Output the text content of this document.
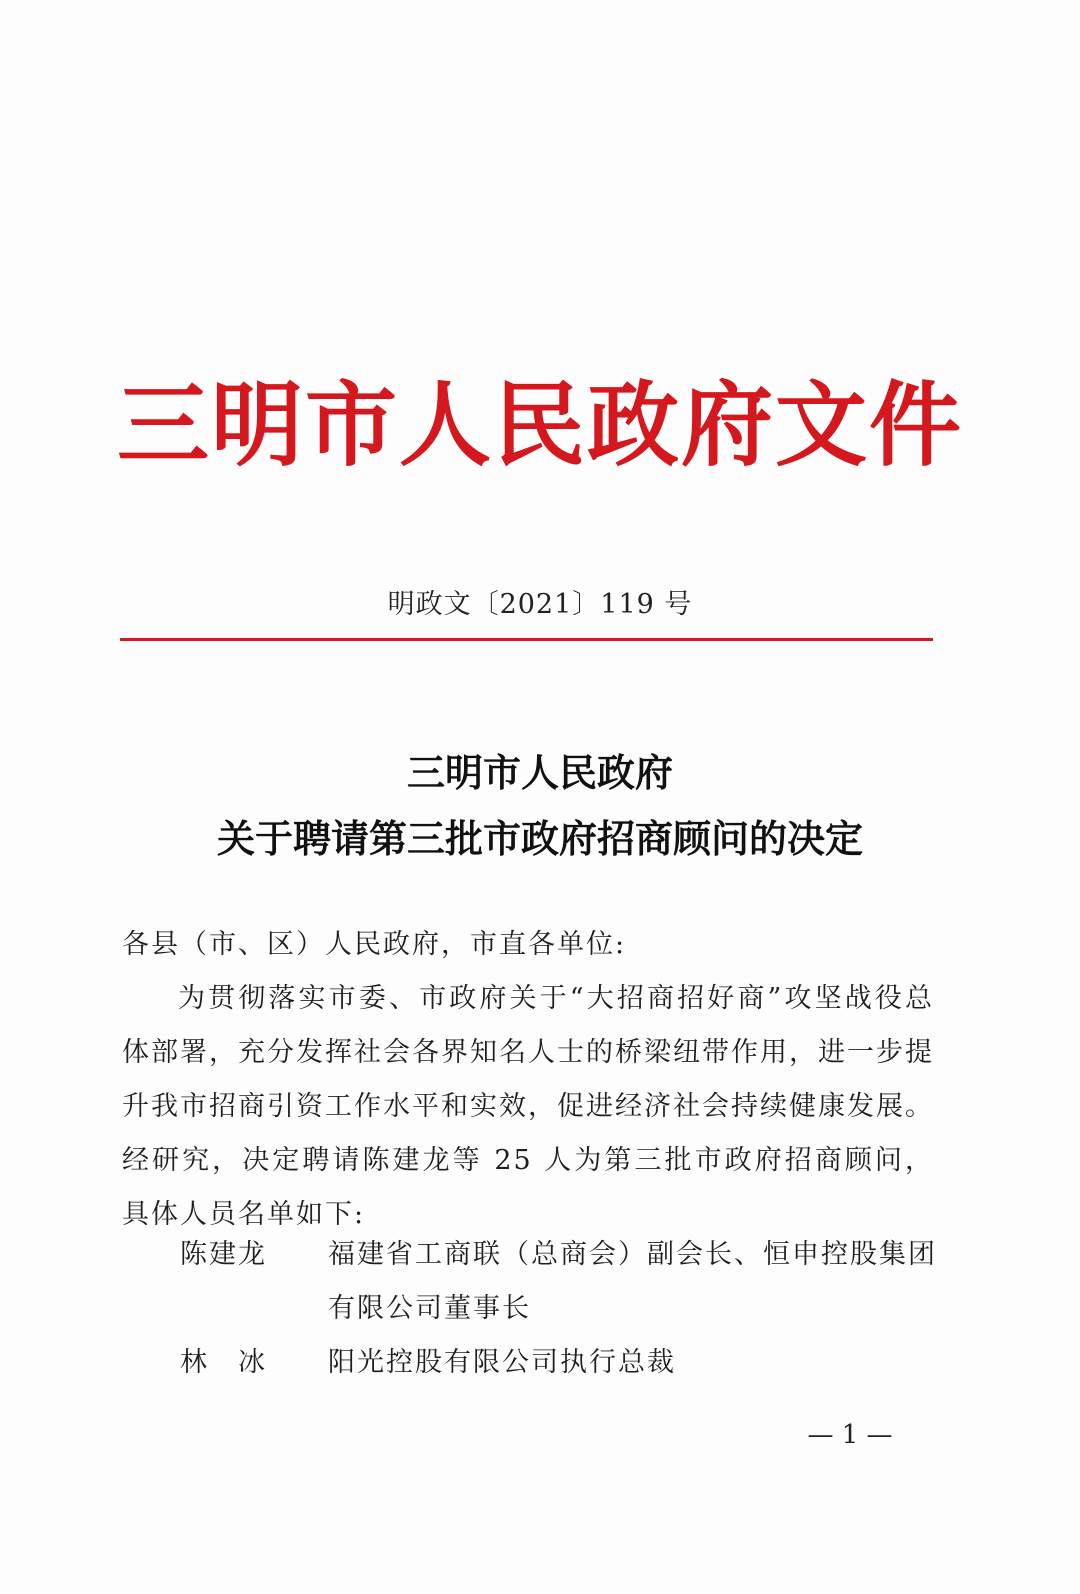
三明市人民政府文件
明政文〔2021〕119 号
三明市人民政府
关于聘请第三批市政府招商顾问的决定
各县（市、区）人民政府，市直各单位:
为贯彻落实市委、市政府关于“大招商招好商”攻坚战役总体部署，充分发挥社会各界知名人士的桥梁纽带作用，进一步提升我市招商引资工作水平和实效，促进经济社会持续健康发展。经研究，决定聘请陈建龙等 25 人为第三批市政府招商顾问，具体人员名单如下:
陈建龙	福建省工商联（总商会）副会长、恒申控股集团有限公司董事长
林　冰	阳光控股有限公司执行总裁
— 1 —
